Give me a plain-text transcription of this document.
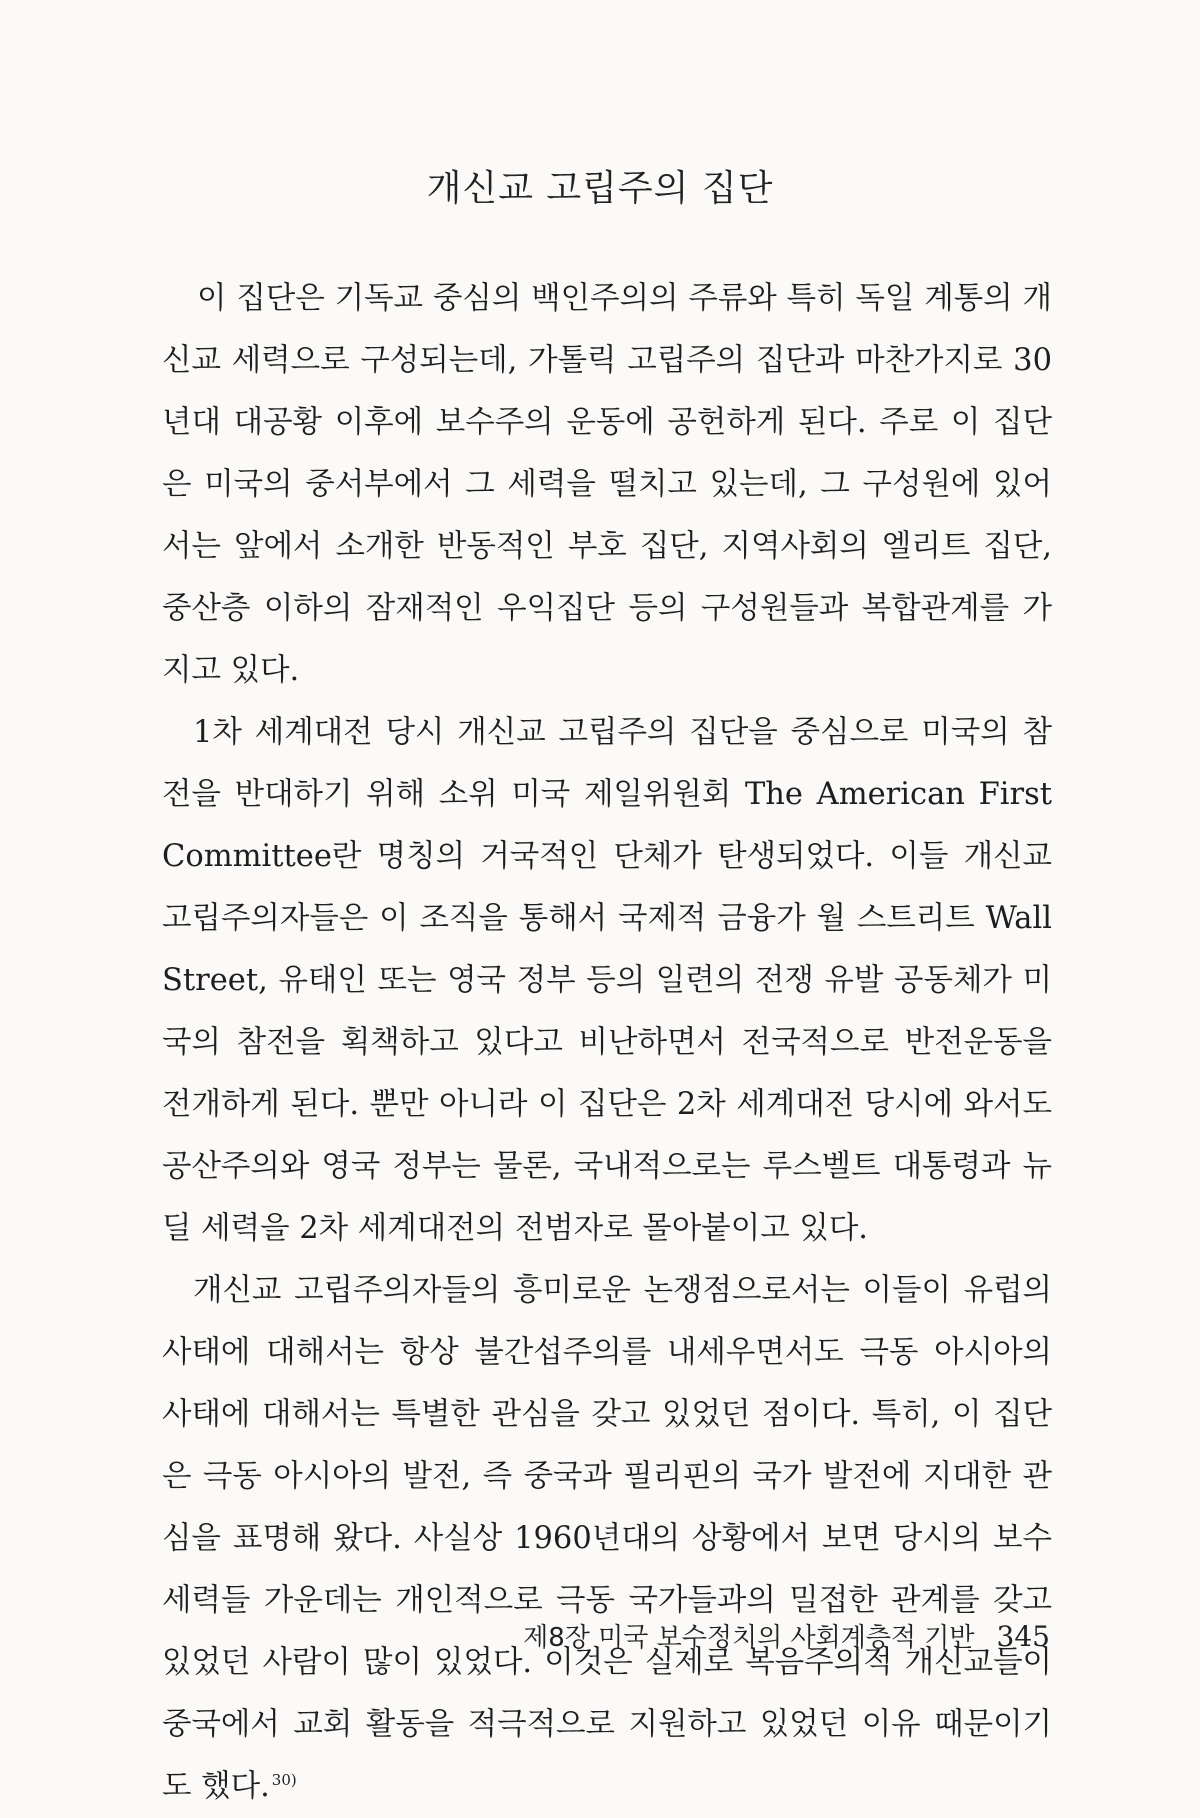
개신교 고립주의 집단

이 집단은 기독교 중심의 백인주의의 주류와 특히 독일 계통의 개신교 세력으로 구성되는데, 가톨릭 고립주의 집단과 마찬가지로 30년대 대공황 이후에 보수주의 운동에 공헌하게 된다. 주로 이 집단은 미국의 중서부에서 그 세력을 떨치고 있는데, 그 구성원에 있어서는 앞에서 소개한 반동적인 부호 집단, 지역사회의 엘리트 집단, 중산층 이하의 잠재적인 우익집단 등의 구성원들과 복합관계를 가지고 있다.

1차 세계대전 당시 개신교 고립주의 집단을 중심으로 미국의 참전을 반대하기 위해 소위 미국 제일위원회 The American First Committee란 명칭의 거국적인 단체가 탄생되었다. 이들 개신교 고립주의자들은 이 조직을 통해서 국제적 금융가 월 스트리트 Wall Street, 유태인 또는 영국 정부 등의 일련의 전쟁 유발 공동체가 미국의 참전을 획책하고 있다고 비난하면서 전국적으로 반전운동을 전개하게 된다. 뿐만 아니라 이 집단은 2차 세계대전 당시에 와서도 공산주의와 영국 정부는 물론, 국내적으로는 루스벨트 대통령과 뉴딜 세력을 2차 세계대전의 전범자로 몰아붙이고 있다.

개신교 고립주의자들의 흥미로운 논쟁점으로서는 이들이 유럽의 사태에 대해서는 항상 불간섭주의를 내세우면서도 극동 아시아의 사태에 대해서는 특별한 관심을 갖고 있었던 점이다. 특히, 이 집단은 극동 아시아의 발전, 즉 중국과 필리핀의 국가 발전에 지대한 관심을 표명해 왔다. 사실상 1960년대의 상황에서 보면 당시의 보수세력들 가운데는 개인적으로 극동 국가들과의 밀접한 관계를 갖고 있었던 사람이 많이 있었다. 이것은 실제로 복음주의적 개신교들이 중국에서 교회 활동을 적극적으로 지원하고 있었던 이유 때문이기도 했다. $^{30)}$

제8장 미국 보수정치의 사회계층적 기반 345
